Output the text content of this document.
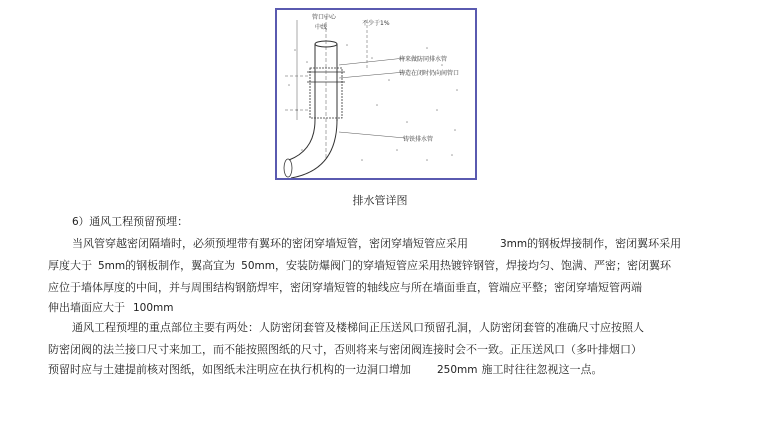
管口中心
中线
不少于1%
将来做防同排水管
铸造在闭时仍向间管口
铸铁排水管
排水管详图
6）通风工程预留预埋：
当风管穿越密闭隔墙时，必须预埋带有翼环的密闭穿墙短管，密闭穿墙短管应采用	3mm的钢板焊接制作，密闭翼环采用
厚度大于 5mm的钢板制作，翼高宜为 50mm，安装防爆阀门的穿墙短管应采用热镀锌钢管，焊接均匀、饱满、严密；密闭翼环
应位于墙体厚度的中间，并与周围结构钢筋焊牢，密闭穿墙短管的轴线应与所在墙面垂直，管端应平整；密闭穿墙短管两端
伸出墙面应大于 100mm
通风工程预埋的重点部位主要有两处：人防密闭套管及楼梯间正压送风口预留孔洞，人防密闭套管的准确尺寸应按照人
防密闭阀的法兰接口尺寸来加工，而不能按照图纸的尺寸，否则将来与密闭阀连接时会不一致。正压送风口（多叶排烟口）
预留时应与土建提前核对图纸，如图纸未注明应在执行机构的一边洞口增加 250mm 施工时往往忽视这一点。
